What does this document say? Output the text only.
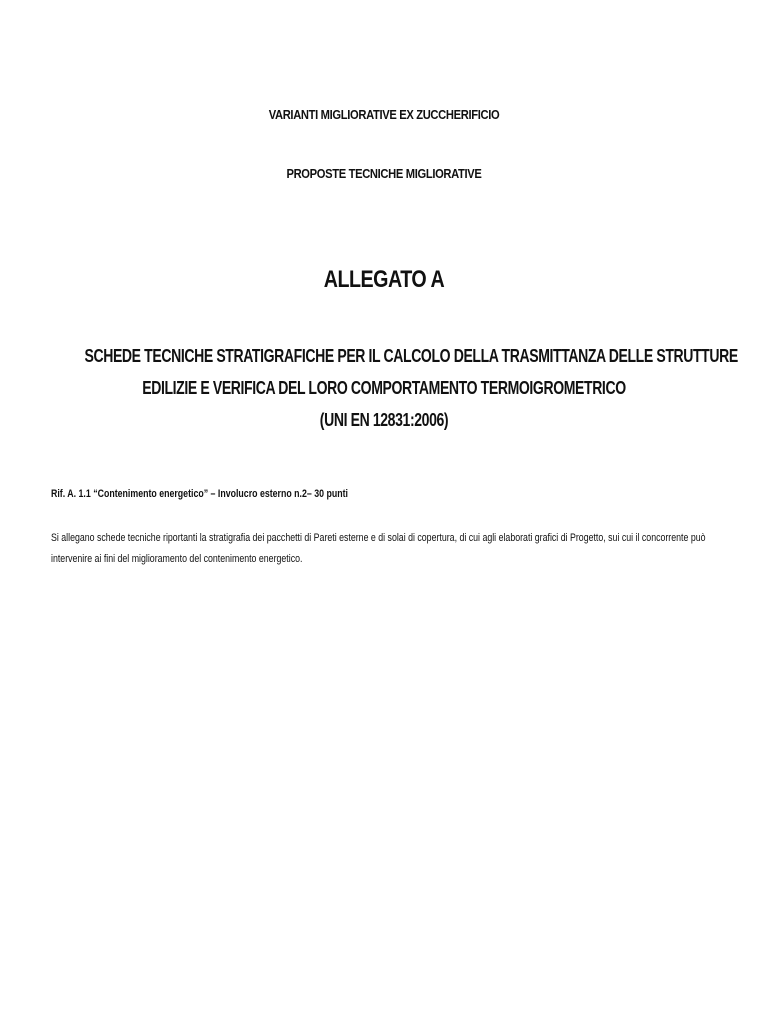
VARIANTI MIGLIORATIVE EX ZUCCHERIFICIO
PROPOSTE TECNICHE MIGLIORATIVE
ALLEGATO A
SCHEDE TECNICHE STRATIGRAFICHE PER IL CALCOLO DELLA TRASMITTANZA DELLE STRUTTURE
EDILIZIE E VERIFICA DEL LORO COMPORTAMENTO TERMOIGROMETRICO
(UNI EN 12831:2006)
Rif. A. 1.1 “Contenimento energetico” – Involucro esterno n.2– 30 punti
Si allegano schede tecniche riportanti la stratigrafia dei pacchetti di Pareti esterne e di solai di copertura, di cui agli elaborati grafici di Progetto, sui cui il concorrente può
intervenire ai fini del miglioramento del contenimento energetico.
